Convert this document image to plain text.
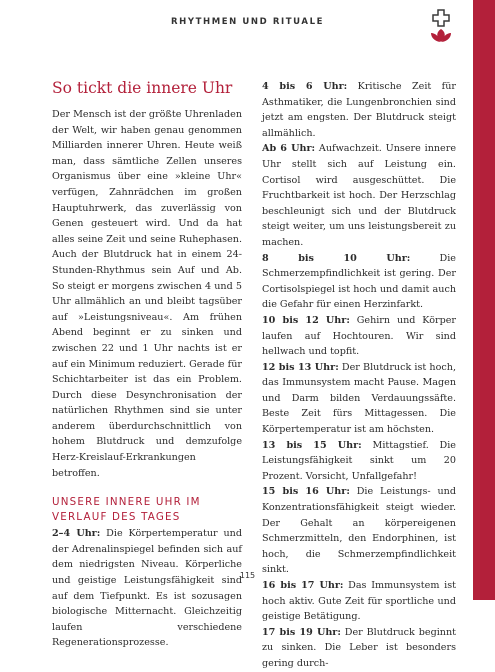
RHYTHMEN UND RITUALE
So tickt die innere Uhr

Der Mensch ist der größte Uhrenladen der Welt, wir haben genau genommen Milliarden innerer Uhren. Heute weiß man, dass sämtliche Zellen unseres Organismus über eine »kleine Uhr« verfügen, Zahnrädchen im großen Hauptuhrwerk, das zuverlässig von Genen gesteuert wird. Und da hat alles seine Zeit und seine Ruhephasen. Auch der Blutdruck hat in einem 24-Stunden-Rhythmus sein Auf und Ab. So steigt er morgens zwischen 4 und 5 Uhr allmählich an und bleibt tagsüber auf »Leistungsniveau«. Am frühen Abend beginnt er zu sinken und zwischen 22 und 1 Uhr nachts ist er auf ein Minimum reduziert. Gerade für Schichtarbeiter ist das ein Problem. Durch diese Desynchronisation der natürlichen Rhythmen sind sie unter anderem überdurchschnittlich von hohem Blutdruck und demzufolge Herz-Kreislauf-Erkrankungen betroffen.

UNSERE INNERE UHR IM VERLAUF DES TAGES

2–4 Uhr: Die Körpertemperatur und der Adrenalinspiegel befinden sich auf dem niedrigsten Niveau. Körperliche und geistige Leistungsfähigkeit sind auf dem Tiefpunkt. Es ist sozusagen biologische Mitternacht. Gleichzeitig laufen verschiedene Regenerationsprozesse.

4 bis 6 Uhr: Kritische Zeit für Asthmatiker, die Lungenbronchien sind jetzt am engsten. Der Blutdruck steigt allmählich.

Ab 6 Uhr: Aufwachzeit. Unsere innere Uhr stellt sich auf Leistung ein. Cortisol wird ausgeschüttet. Die Fruchtbarkeit ist hoch. Der Herzschlag beschleunigt sich und der Blutdruck steigt weiter, um uns leistungsbereit zu machen.

8 bis 10 Uhr: Die Schmerzempfindlichkeit ist gering. Der Cortisolspiegel ist hoch und damit auch die Gefahr für einen Herzinfarkt.

10 bis 12 Uhr: Gehirn und Körper laufen auf Hochtouren. Wir sind hellwach und topfit.

12 bis 13 Uhr: Der Blutdruck ist hoch, das Immunsystem macht Pause. Magen und Darm bilden Verdauungssäfte. Beste Zeit fürs Mittagessen. Die Körpertemperatur ist am höchsten.

13 bis 15 Uhr: Mittagstief. Die Leistungsfähigkeit sinkt um 20 Prozent. Vorsicht, Unfallgefahr!

15 bis 16 Uhr: Die Leistungs- und Konzentrationsfähigkeit steigt wieder. Der Gehalt an körpereigenen Schmerzmitteln, den Endorphinen, ist hoch, die Schmerzempfindlichkeit sinkt.

16 bis 17 Uhr: Das Immunsystem ist hoch aktiv. Gute Zeit für sportliche und geistige Betätigung.

17 bis 19 Uhr: Der Blutdruck beginnt zu sinken. Die Leber ist besonders gering durch-

115
